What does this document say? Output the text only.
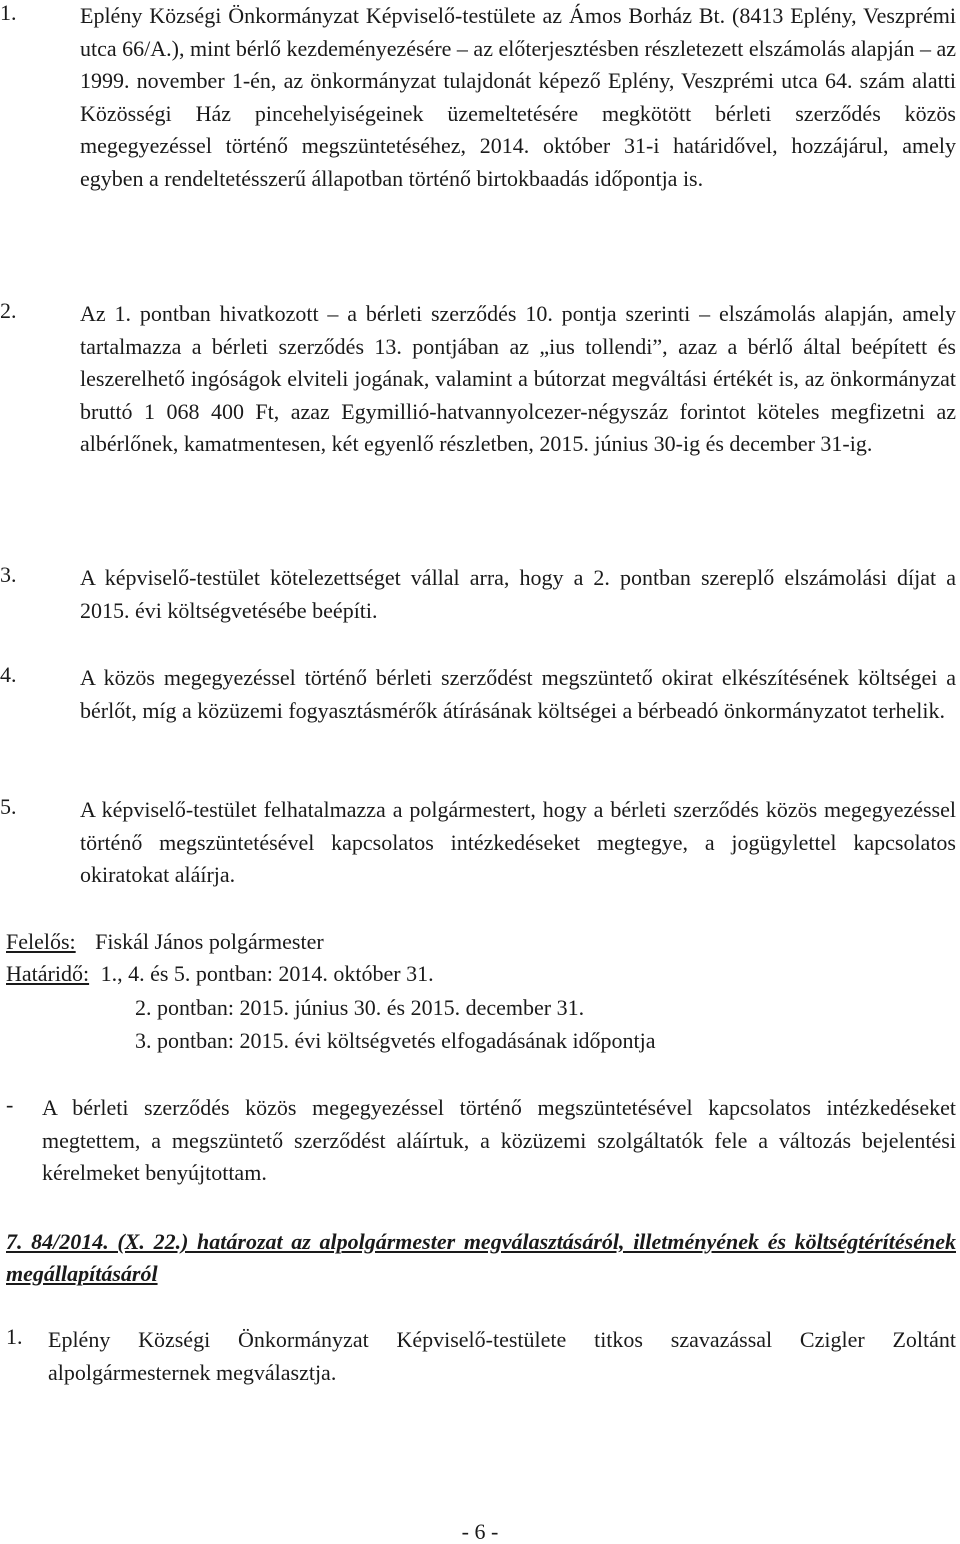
1.	Eplény Községi Önkormányzat Képviselő-testülete az Ámos Borház Bt. (8413 Eplény, Veszprémi utca 66/A.), mint bérlő kezdeményezésére – az előterjesztésben részletezett elszámolás alapján – az 1999. november 1-én, az önkormányzat tulajdonát képező Eplény, Veszprémi utca 64. szám alatti Közösségi Ház pincehelyiségeinek üzemeltetésére megkötött bérleti szerződés közös megegyezéssel történő megszüntetéséhez, 2014. október 31-i határidővel, hozzájárul, amely egyben a rendeltetésszerű állapotban történő birtokbaadás időpontja is.
2.	Az 1. pontban hivatkozott – a bérleti szerződés 10. pontja szerinti – elszámolás alapján, amely tartalmazza a bérleti szerződés 13. pontjában az „ius tollendi”, azaz a bérlő által beépített és leszerelhető ingóságok elviteli jogának, valamint a bútorzat megváltási értékét is, az önkormányzat bruttó 1 068 400 Ft, azaz Egymillió-hatvannyolcezer-négyszáz forintot köteles megfizetni az albérlőnek, kamatmentesen, két egyenlő részletben, 2015. június 30-ig és december 31-ig.
3.	A képviselő-testület kötelezettséget vállal arra, hogy a 2. pontban szereplő elszámolási díjat a 2015. évi költségvetésébe beépíti.
4.	A közös megegyezéssel történő bérleti szerződést megszüntető okirat elkészítésének költségei a bérlőt, míg a közüzemi fogyasztásmérők átírásának költségei a bérbeadó önkormányzatot terhelik.
5.	A képviselő-testület felhatalmazza a polgármestert, hogy a bérleti szerződés közös megegyezéssel történő megszüntetésével kapcsolatos intézkedéseket megtegye, a jogügylettel kapcsolatos okiratokat aláírja.
Felelős: Fiskál János polgármester
Határidő: 1., 4. és 5. pontban: 2014. október 31.
2. pontban: 2015. június 30. és 2015. december 31.
3. pontban: 2015. évi költségvetés elfogadásának időpontja
-	A bérleti szerződés közös megegyezéssel történő megszüntetésével kapcsolatos intézkedéseket megtettem, a megszüntető szerződést aláírtuk, a közüzemi szolgáltatók fele a változás bejelentési kérelmeket benyújtottam.
7. 84/2014. (X. 22.) határozat az alpolgármester megválasztásáról, illetményének és költségtérítésének megállapításáról
1.	Eplény Községi Önkormányzat Képviselő-testülete titkos szavazással Czigler Zoltánt alpolgármesternek megválasztja.
- 6 -
